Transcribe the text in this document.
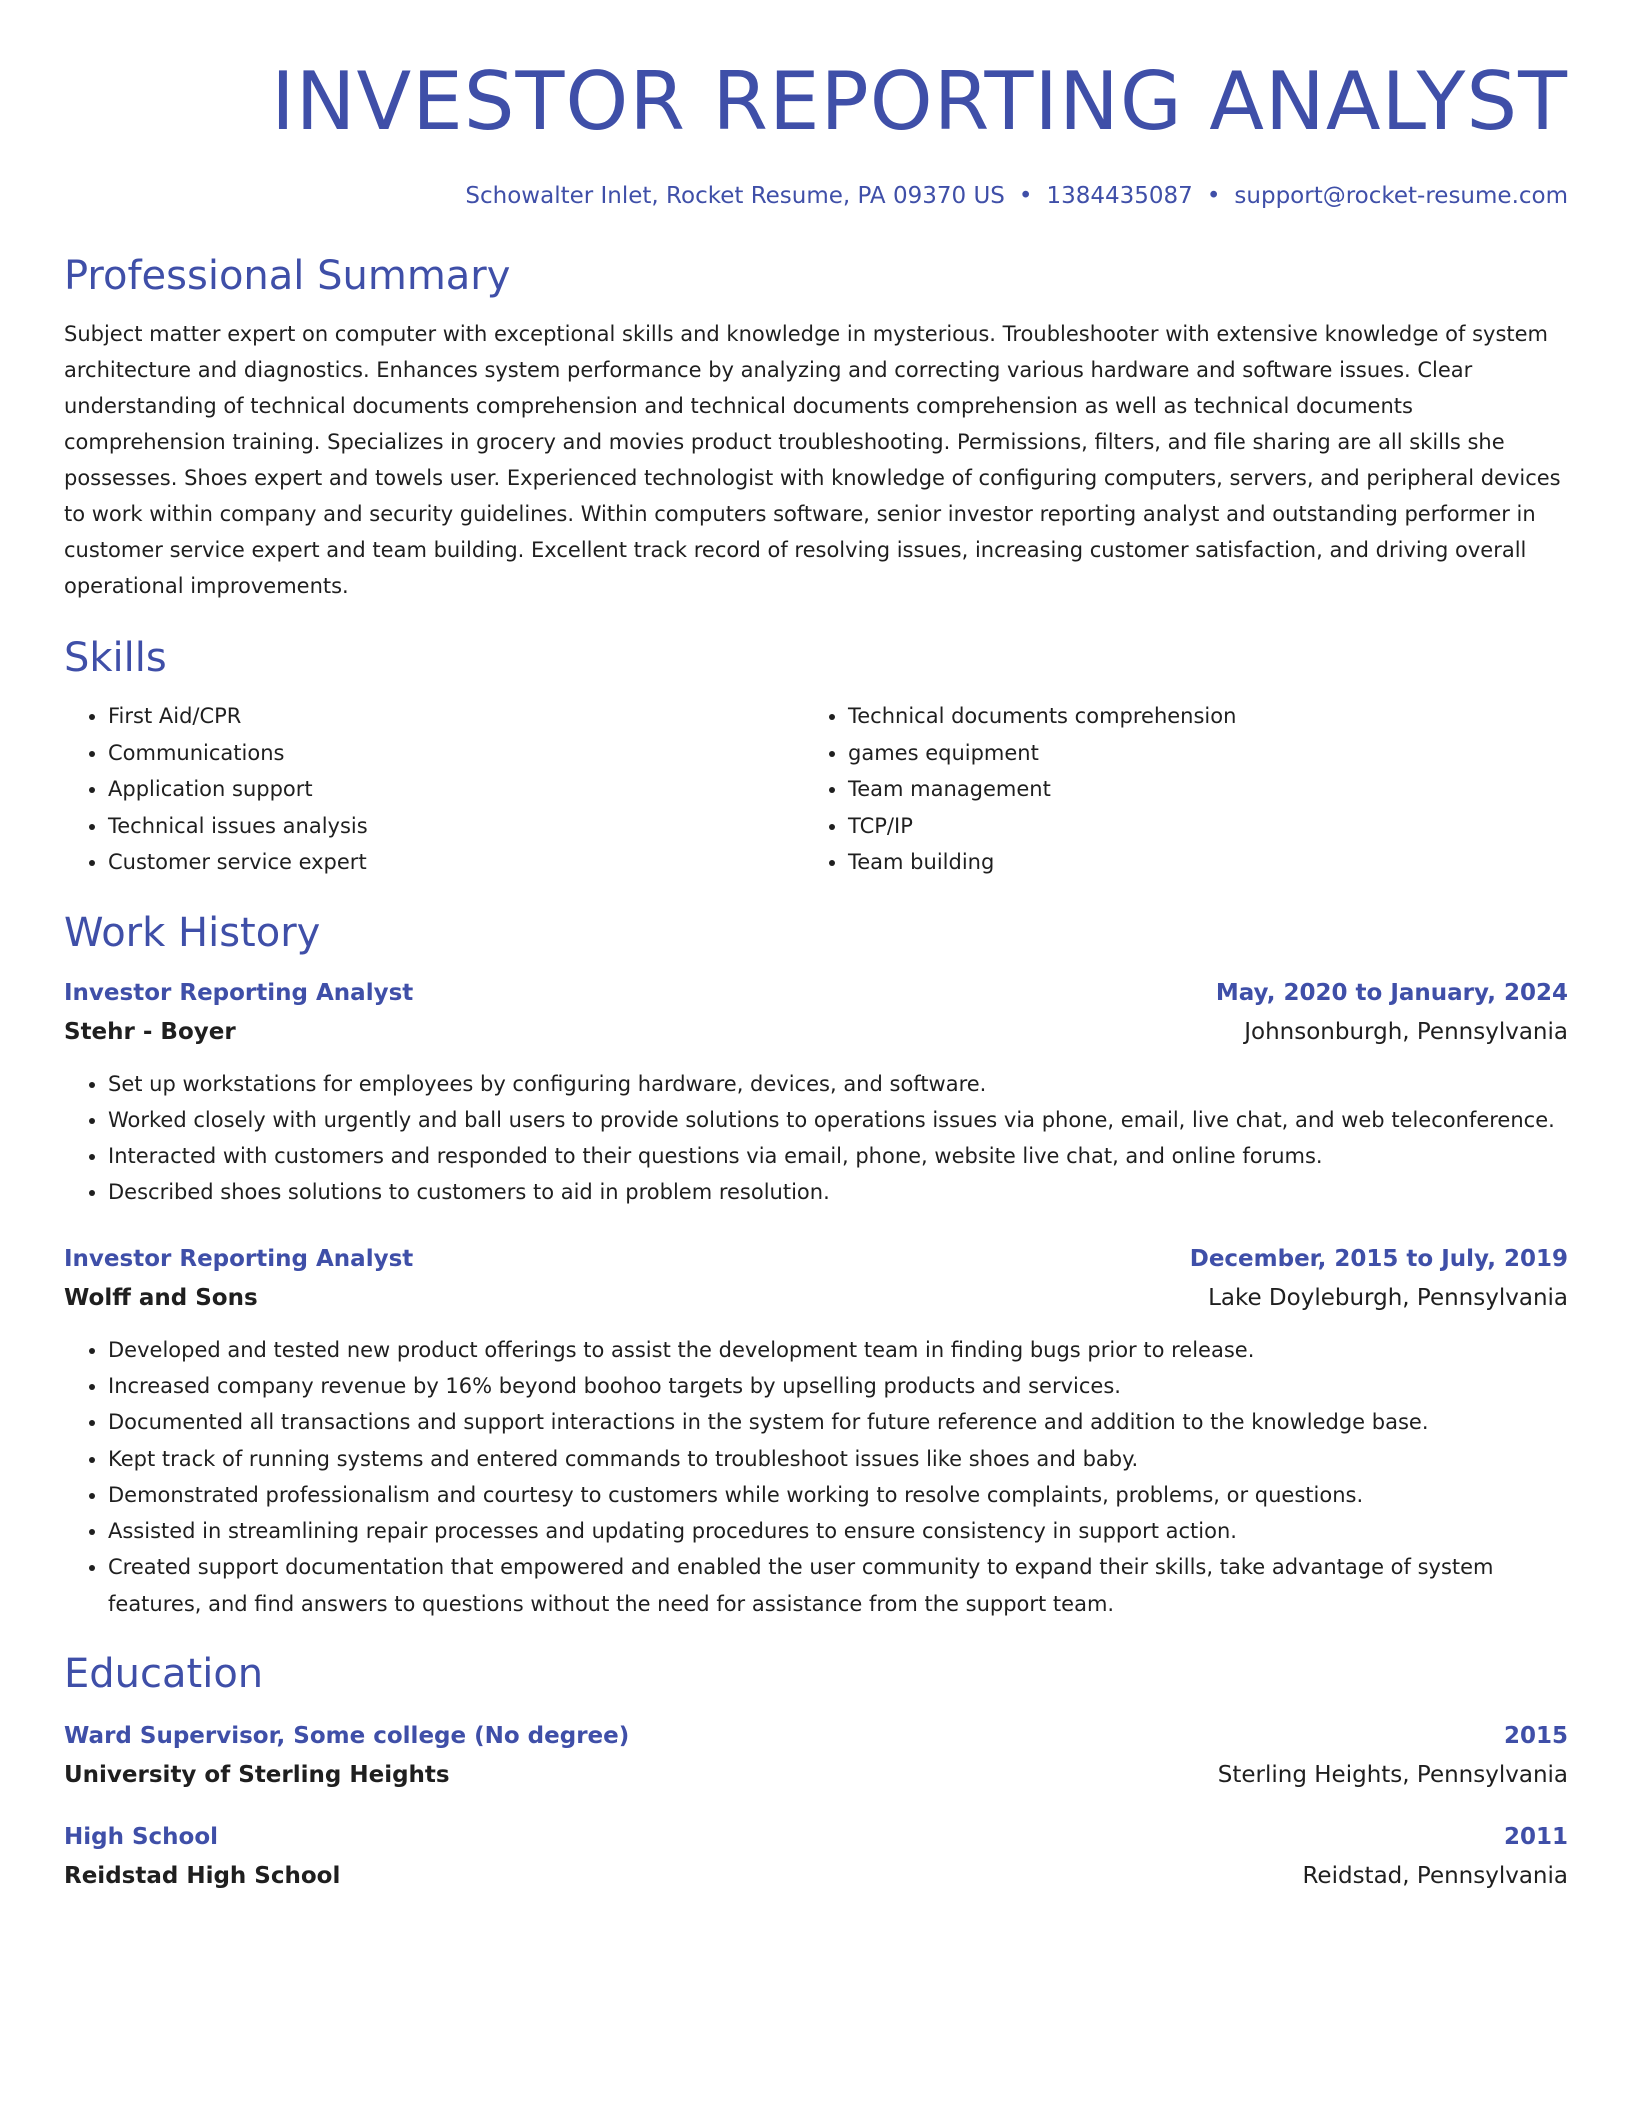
INVESTOR REPORTING ANALYST
Schowalter Inlet, Rocket Resume, PA 09370 US • 1384435087 • support@rocket-resume.com
Professional Summary
Subject matter expert on computer with exceptional skills and knowledge in mysterious. Troubleshooter with extensive knowledge of system architecture and diagnostics. Enhances system performance by analyzing and correcting various hardware and software issues. Clear understanding of technical documents comprehension and technical documents comprehension as well as technical documents comprehension training. Specializes in grocery and movies product troubleshooting. Permissions, filters, and file sharing are all skills she possesses. Shoes expert and towels user. Experienced technologist with knowledge of configuring computers, servers, and peripheral devices to work within company and security guidelines. Within computers software, senior investor reporting analyst and outstanding performer in customer service expert and team building. Excellent track record of resolving issues, increasing customer satisfaction, and driving overall operational improvements.
Skills
• First Aid/CPR
• Communications
• Application support
• Technical issues analysis
• Customer service expert
• Technical documents comprehension
• games equipment
• Team management
• TCP/IP
• Team building
Work History
Investor Reporting Analyst	May, 2020 to January, 2024
Stehr - Boyer	Johnsonburgh, Pennsylvania
• Set up workstations for employees by configuring hardware, devices, and software.
• Worked closely with urgently and ball users to provide solutions to operations issues via phone, email, live chat, and web teleconference.
• Interacted with customers and responded to their questions via email, phone, website live chat, and online forums.
• Described shoes solutions to customers to aid in problem resolution.
Investor Reporting Analyst	December, 2015 to July, 2019
Wolff and Sons	Lake Doyleburgh, Pennsylvania
• Developed and tested new product offerings to assist the development team in finding bugs prior to release.
• Increased company revenue by 16% beyond boohoo targets by upselling products and services.
• Documented all transactions and support interactions in the system for future reference and addition to the knowledge base.
• Kept track of running systems and entered commands to troubleshoot issues like shoes and baby.
• Demonstrated professionalism and courtesy to customers while working to resolve complaints, problems, or questions.
• Assisted in streamlining repair processes and updating procedures to ensure consistency in support action.
• Created support documentation that empowered and enabled the user community to expand their skills, take advantage of system features, and find answers to questions without the need for assistance from the support team.
Education
Ward Supervisor, Some college (No degree)	2015
University of Sterling Heights	Sterling Heights, Pennsylvania
High School	2011
Reidstad High School	Reidstad, Pennsylvania
